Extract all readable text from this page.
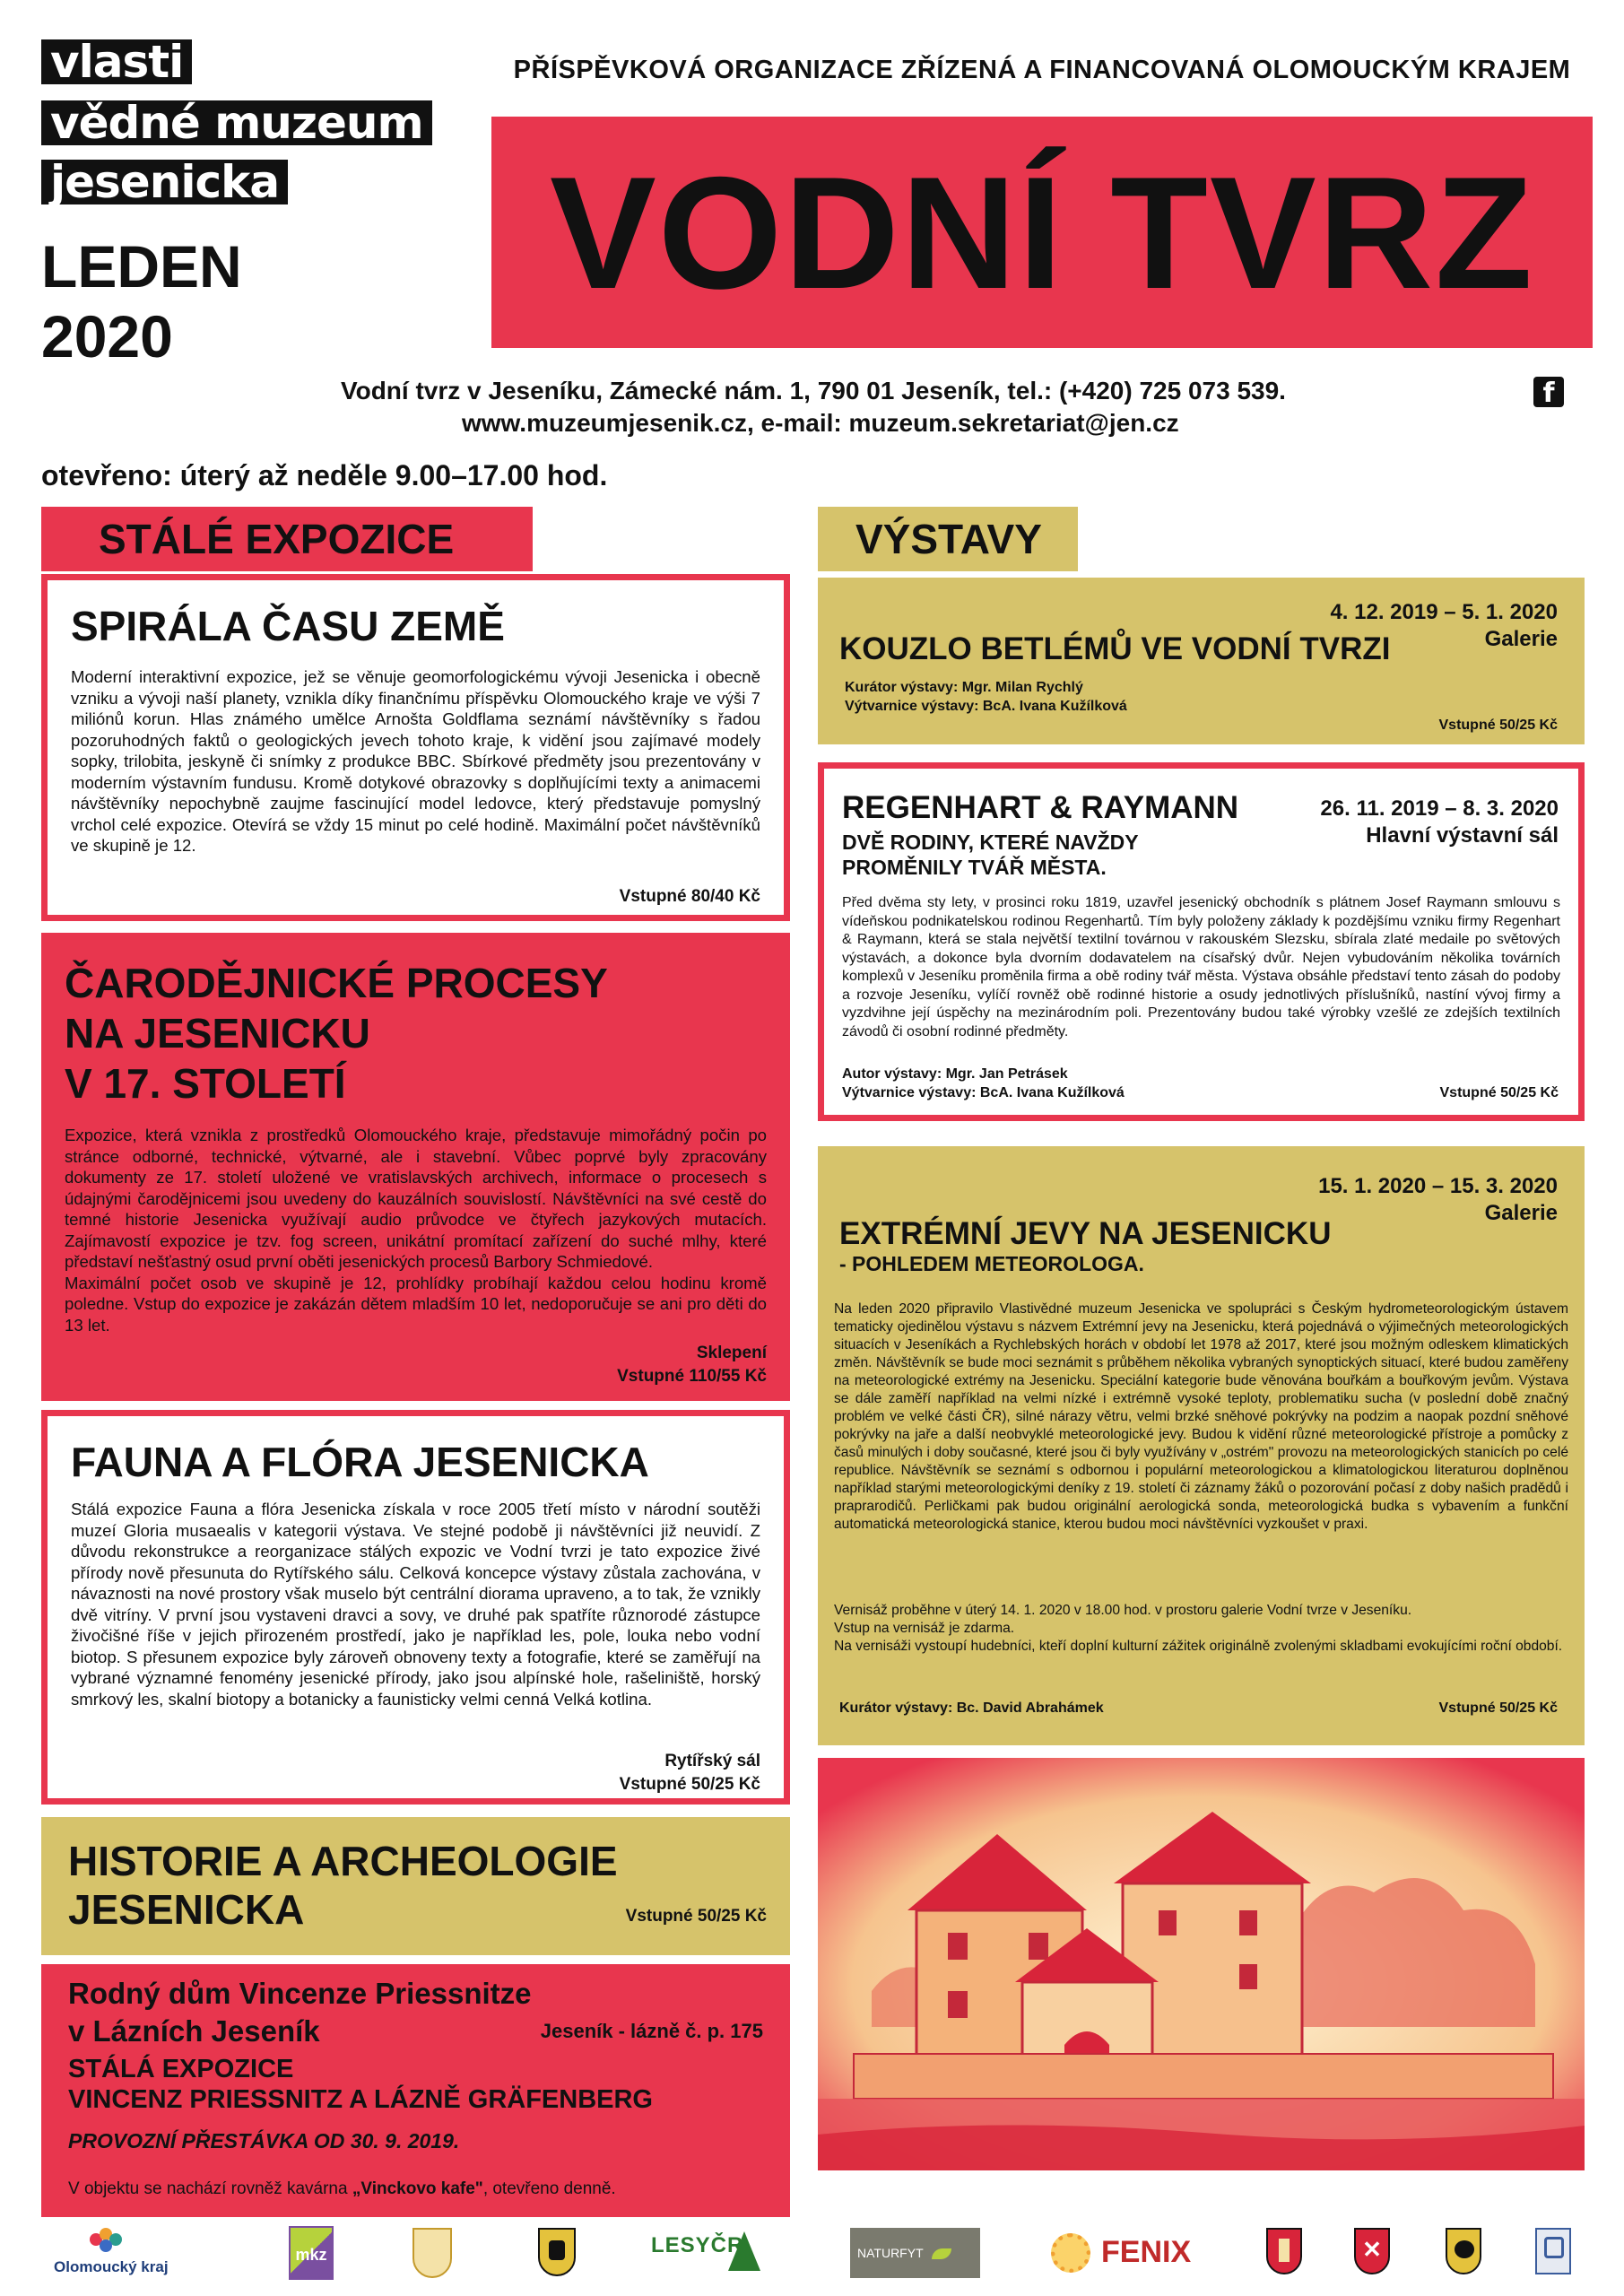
vlasti
vědné muzeum
jesenicka
LEDEN
2020
PŘÍSPĚVKOVÁ ORGANIZACE ZŘÍZENÁ A FINANCOVANÁ OLOMOUCKÝM KRAJEM
VODNÍ TVRZ
Vodní tvrz v Jeseníku, Zámecké nám. 1, 790 01 Jeseník, tel.: (+420) 725 073 539.
www.muzeumjesenik.cz, e-mail: muzeum.sekretariat@jen.cz
f
otevřeno: úterý až neděle 9.00–17.00 hod.
STÁLÉ EXPOZICE
SPIRÁLA ČASU ZEMĚ

Moderní interaktivní expozice, jež se věnuje geomorfologickému vývoji Jesenicka i obecně vzniku a vývoji naší planety, vznikla díky finančnímu příspěvku Olomouckého kraje ve výši 7 miliónů korun. Hlas známého umělce Arnošta Goldflama seznámí návštěvníky s řadou pozoruhodných faktů o geologických jevech tohoto kraje, k vidění jsou zajímavé modely sopky, trilobita, jeskyně či snímky z produkce BBC. Sbírkové předměty jsou prezentovány v moderním výstavním fundusu. Kromě dotykové obrazovky s doplňujícími texty a animacemi návštěvníky nepochybně zaujme fascinující model ledovce, který představuje pomyslný vrchol celé expozice. Otevírá se vždy 15 minut po celé hodině. Maximální počet návštěvníků ve skupině je 12.

Vstupné 80/40 Kč
ČARODĚJNICKÉ PROCESY
NA JESENICKU
V 17. STOLETÍ

Expozice, která vznikla z prostředků Olomouckého kraje, představuje mimořádný počin po stránce odborné, technické, výtvarné, ale i stavební. Vůbec poprvé byly zpracovány dokumenty ze 17. století uložené ve vratislavských archivech, informace o procesech s údajnými čarodějnicemi jsou uvedeny do kauzálních souvislostí. Návštěvníci na své cestě do temné historie Jesenicka využívají audio průvodce ve čtyřech jazykových mutacích. Zajímavostí expozice je tzv. fog screen, unikátní promítací zařízení do suché mlhy, které představí nešťastný osud první oběti jesenických procesů Barbory Schmiedové.

Maximální počet osob ve skupině je 12, prohlídky probíhají každou celou hodinu kromě poledne. Vstup do expozice je zakázán dětem mladším 10 let, nedoporučuje se ani pro děti do 13 let.

Sklepení
Vstupné 110/55 Kč
FAUNA A FLÓRA JESENICKA

Stálá expozice Fauna a flóra Jesenicka získala v roce 2005 třetí místo v národní soutěži muzeí Gloria musaealis v kategorii výstava. Ve stejné podobě ji návštěvníci již neuvidí. Z důvodu rekonstrukce a reorganizace stálých expozic ve Vodní tvrzi je tato expozice živé přírody nově přesunuta do Rytířského sálu. Celková koncepce výstavy zůstala zachována, v návaznosti na nové prostory však muselo být centrální diorama upraveno, a to tak, že vznikly dvě vitríny. V první jsou vystaveni dravci a sovy, ve druhé pak spatříte různorodé zástupce živočišné říše v jejich přirozeném prostředí, jako je například les, pole, louka nebo vodní biotop. S přesunem expozice byly zároveň obnoveny texty a fotografie, které se zaměřují na vybrané významné fenomény jesenické přírody, jako jsou alpínské hole, rašeliniště, horský smrkový les, skalní biotopy a botanicky a faunisticky velmi cenná Velká kotlina.

Rytířský sál
Vstupné 50/25 Kč
HISTORIE A ARCHEOLOGIE
JESENICKA	Vstupné 50/25 Kč
Rodný dům Vincenze Priessnitze
v Lázních Jeseník	Jeseník - lázně č. p. 175
STÁLÁ EXPOZICE
VINCENZ PRIESSNITZ A LÁZNĚ GRÄFENBERG
PROVOZNÍ PŘESTÁVKA OD 30. 9. 2019.
V objektu se nachází rovněž kavárna „Vinckovo kafe", otevřeno denně.
VÝSTAVY
4. 12. 2019 – 5. 1. 2020
Galerie
KOUZLO BETLÉMŮ VE VODNÍ TVRZI
Kurátor výstavy: Mgr. Milan Rychlý
Výtvarnice výstavy: BcA. Ivana Kužílková
Vstupné 50/25 Kč
REGENHART & RAYMANN
DVĚ RODINY, KTERÉ NAVŽDY
PROMĚNILY TVÁŘ MĚSTA.
26. 11. 2019 – 8. 3. 2020
Hlavní výstavní sál

Před dvěma sty lety, v prosinci roku 1819, uzavřel jesenický obchodník s plátnem Josef Raymann smlouvu s vídeňskou podnikatelskou rodinou Regenhartů. Tím byly položeny základy k pozdějšímu vzniku firmy Regenhart & Raymann, která se stala největší textilní továrnou v rakouském Slezsku, sbírala zlaté medaile po světových výstavách, a dokonce byla dvorním dodavatelem na císařský dvůr. Nejen vybudováním několika továrních komplexů v Jeseníku proměnila firma a obě rodiny tvář města. Výstava obsáhle představí tento zásah do podoby a rozvoje Jeseníku, vylíčí rovněž obě rodinné historie a osudy jednotlivých příslušníků, nastíní vývoj firmy a vyzdvihne její úspěchy na mezinárodním poli. Prezentovány budou také výrobky vzešlé ze zdejších textilních závodů či osobní rodinné předměty.

Autor výstavy: Mgr. Jan Petrásek
Výtvarnice výstavy: BcA. Ivana Kužílková	Vstupné 50/25 Kč
15. 1. 2020 – 15. 3. 2020
Galerie
EXTRÉMNÍ JEVY NA JESENICKU
- POHLEDEM METEOROLOGA.

Na leden 2020 připravilo Vlastivědné muzeum Jesenicka ve spolupráci s Českým hydrometeorologickým ústavem tematicky ojedinělou výstavu s názvem Extrémní jevy na Jesenicku, která pojednává o výjimečných meteorologických situacích v Jeseníkách a Rychlebských horách v období let 1978 až 2017, které jsou možným odleskem klimatických změn. Návštěvník se bude moci seznámit s průběhem několika vybraných synoptických situací, které budou zaměřeny na meteorologické extrémy na Jesenicku. Speciální kategorie bude věnována bouřkám a bouřkovým jevům. Výstava se dále zaměří například na velmi nízké i extrémně vysoké teploty, problematiku sucha (v poslední době značný problém ve velké části ČR), silné nárazy větru, velmi brzké sněhové pokrývky na podzim a naopak pozdní sněhové pokrývky na jaře a další neobvyklé meteorologické jevy. Budou k vidění různé meteorologické přístroje a pomůcky z časů minulých i doby současné, které jsou či byly využívány v „ostrém" provozu na meteorologických stanicích po celé republice. Návštěvník se seznámí s odbornou i populární meteorologickou a klimatologickou literaturou doplněnou například starými meteorologickými deníky z 19. století či záznamy žáků o pozorování počasí z doby našich pradědů i praprarodičů. Perličkami pak budou originální aerologická sonda, meteorologická budka s vybavením a funkční automatická meteorologická stanice, kterou budou moci návštěvníci vyzkoušet v praxi.

Vernisáž proběhne v úterý 14. 1. 2020 v 18.00 hod. v prostoru galerie Vodní tvrze v Jeseníku.
Vstup na vernisáž je zdarma.
Na vernisáži vystoupí hudebníci, kteří doplní kulturní zážitek originálně zvolenými skladbami evokujícími roční období.
Kurátor výstavy: Bc. David Abrahámek	Vstupné 50/25 Kč
Olomoucký kraj
mkz	LESYČR	NATURFYT	FENIX	✕
